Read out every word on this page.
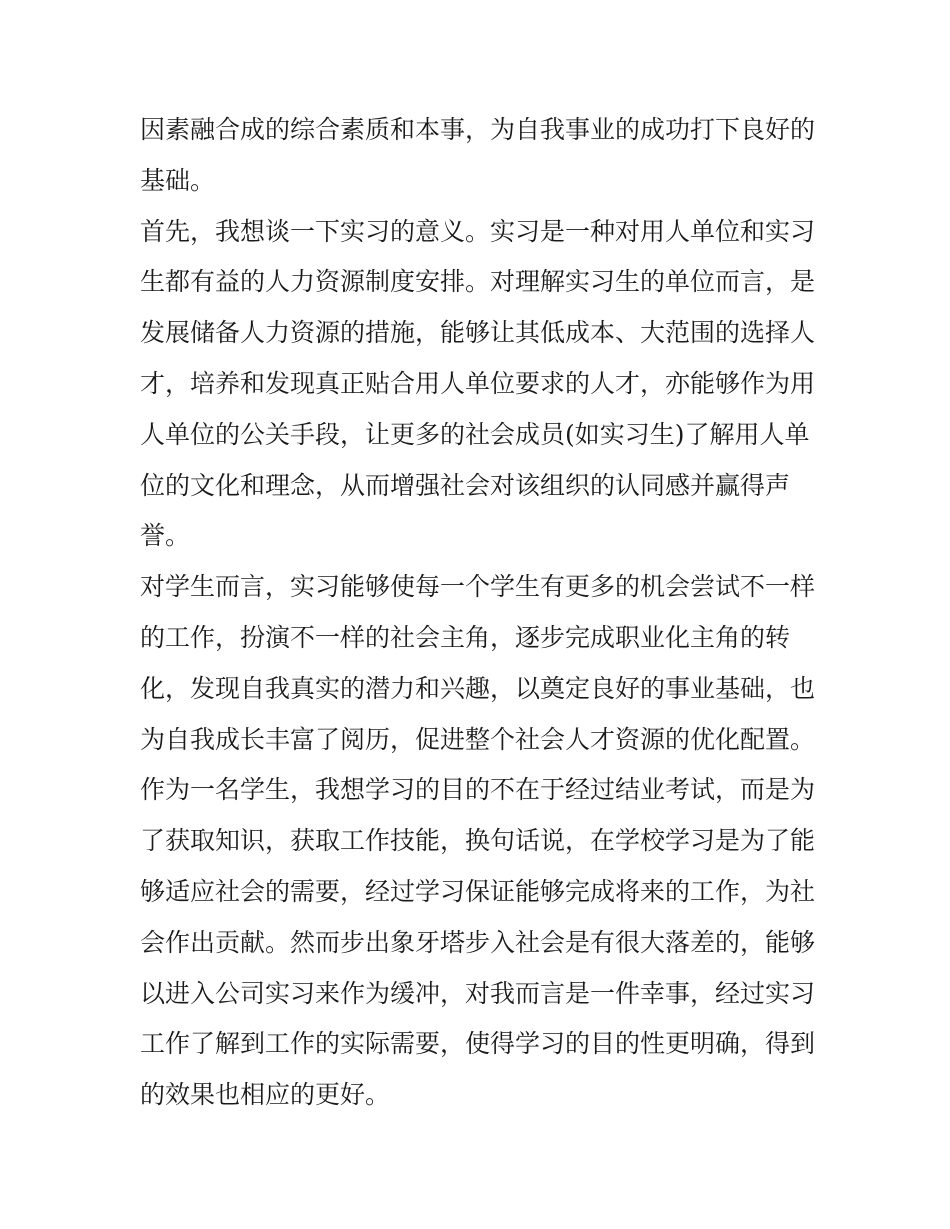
因素融合成的综合素质和本事，为自我事业的成功打下良好的
基础。
首先，我想谈一下实习的意义。实习是一种对用人单位和实习
生都有益的人力资源制度安排。对理解实习生的单位而言，是
发展储备人力资源的措施，能够让其低成本、大范围的选择人
才，培养和发现真正贴合用人单位要求的人才，亦能够作为用
人单位的公关手段，让更多的社会成员(如实习生)了解用人单
位的文化和理念，从而增强社会对该组织的认同感并赢得声
誉。
对学生而言，实习能够使每一个学生有更多的机会尝试不一样
的工作，扮演不一样的社会主角，逐步完成职业化主角的转
化，发现自我真实的潜力和兴趣，以奠定良好的事业基础，也
为自我成长丰富了阅历，促进整个社会人才资源的优化配置。
作为一名学生，我想学习的目的不在于经过结业考试，而是为
了获取知识，获取工作技能，换句话说，在学校学习是为了能
够适应社会的需要，经过学习保证能够完成将来的工作，为社
会作出贡献。然而步出象牙塔步入社会是有很大落差的，能够
以进入公司实习来作为缓冲，对我而言是一件幸事，经过实习
工作了解到工作的实际需要，使得学习的目的性更明确，得到
的效果也相应的更好。
